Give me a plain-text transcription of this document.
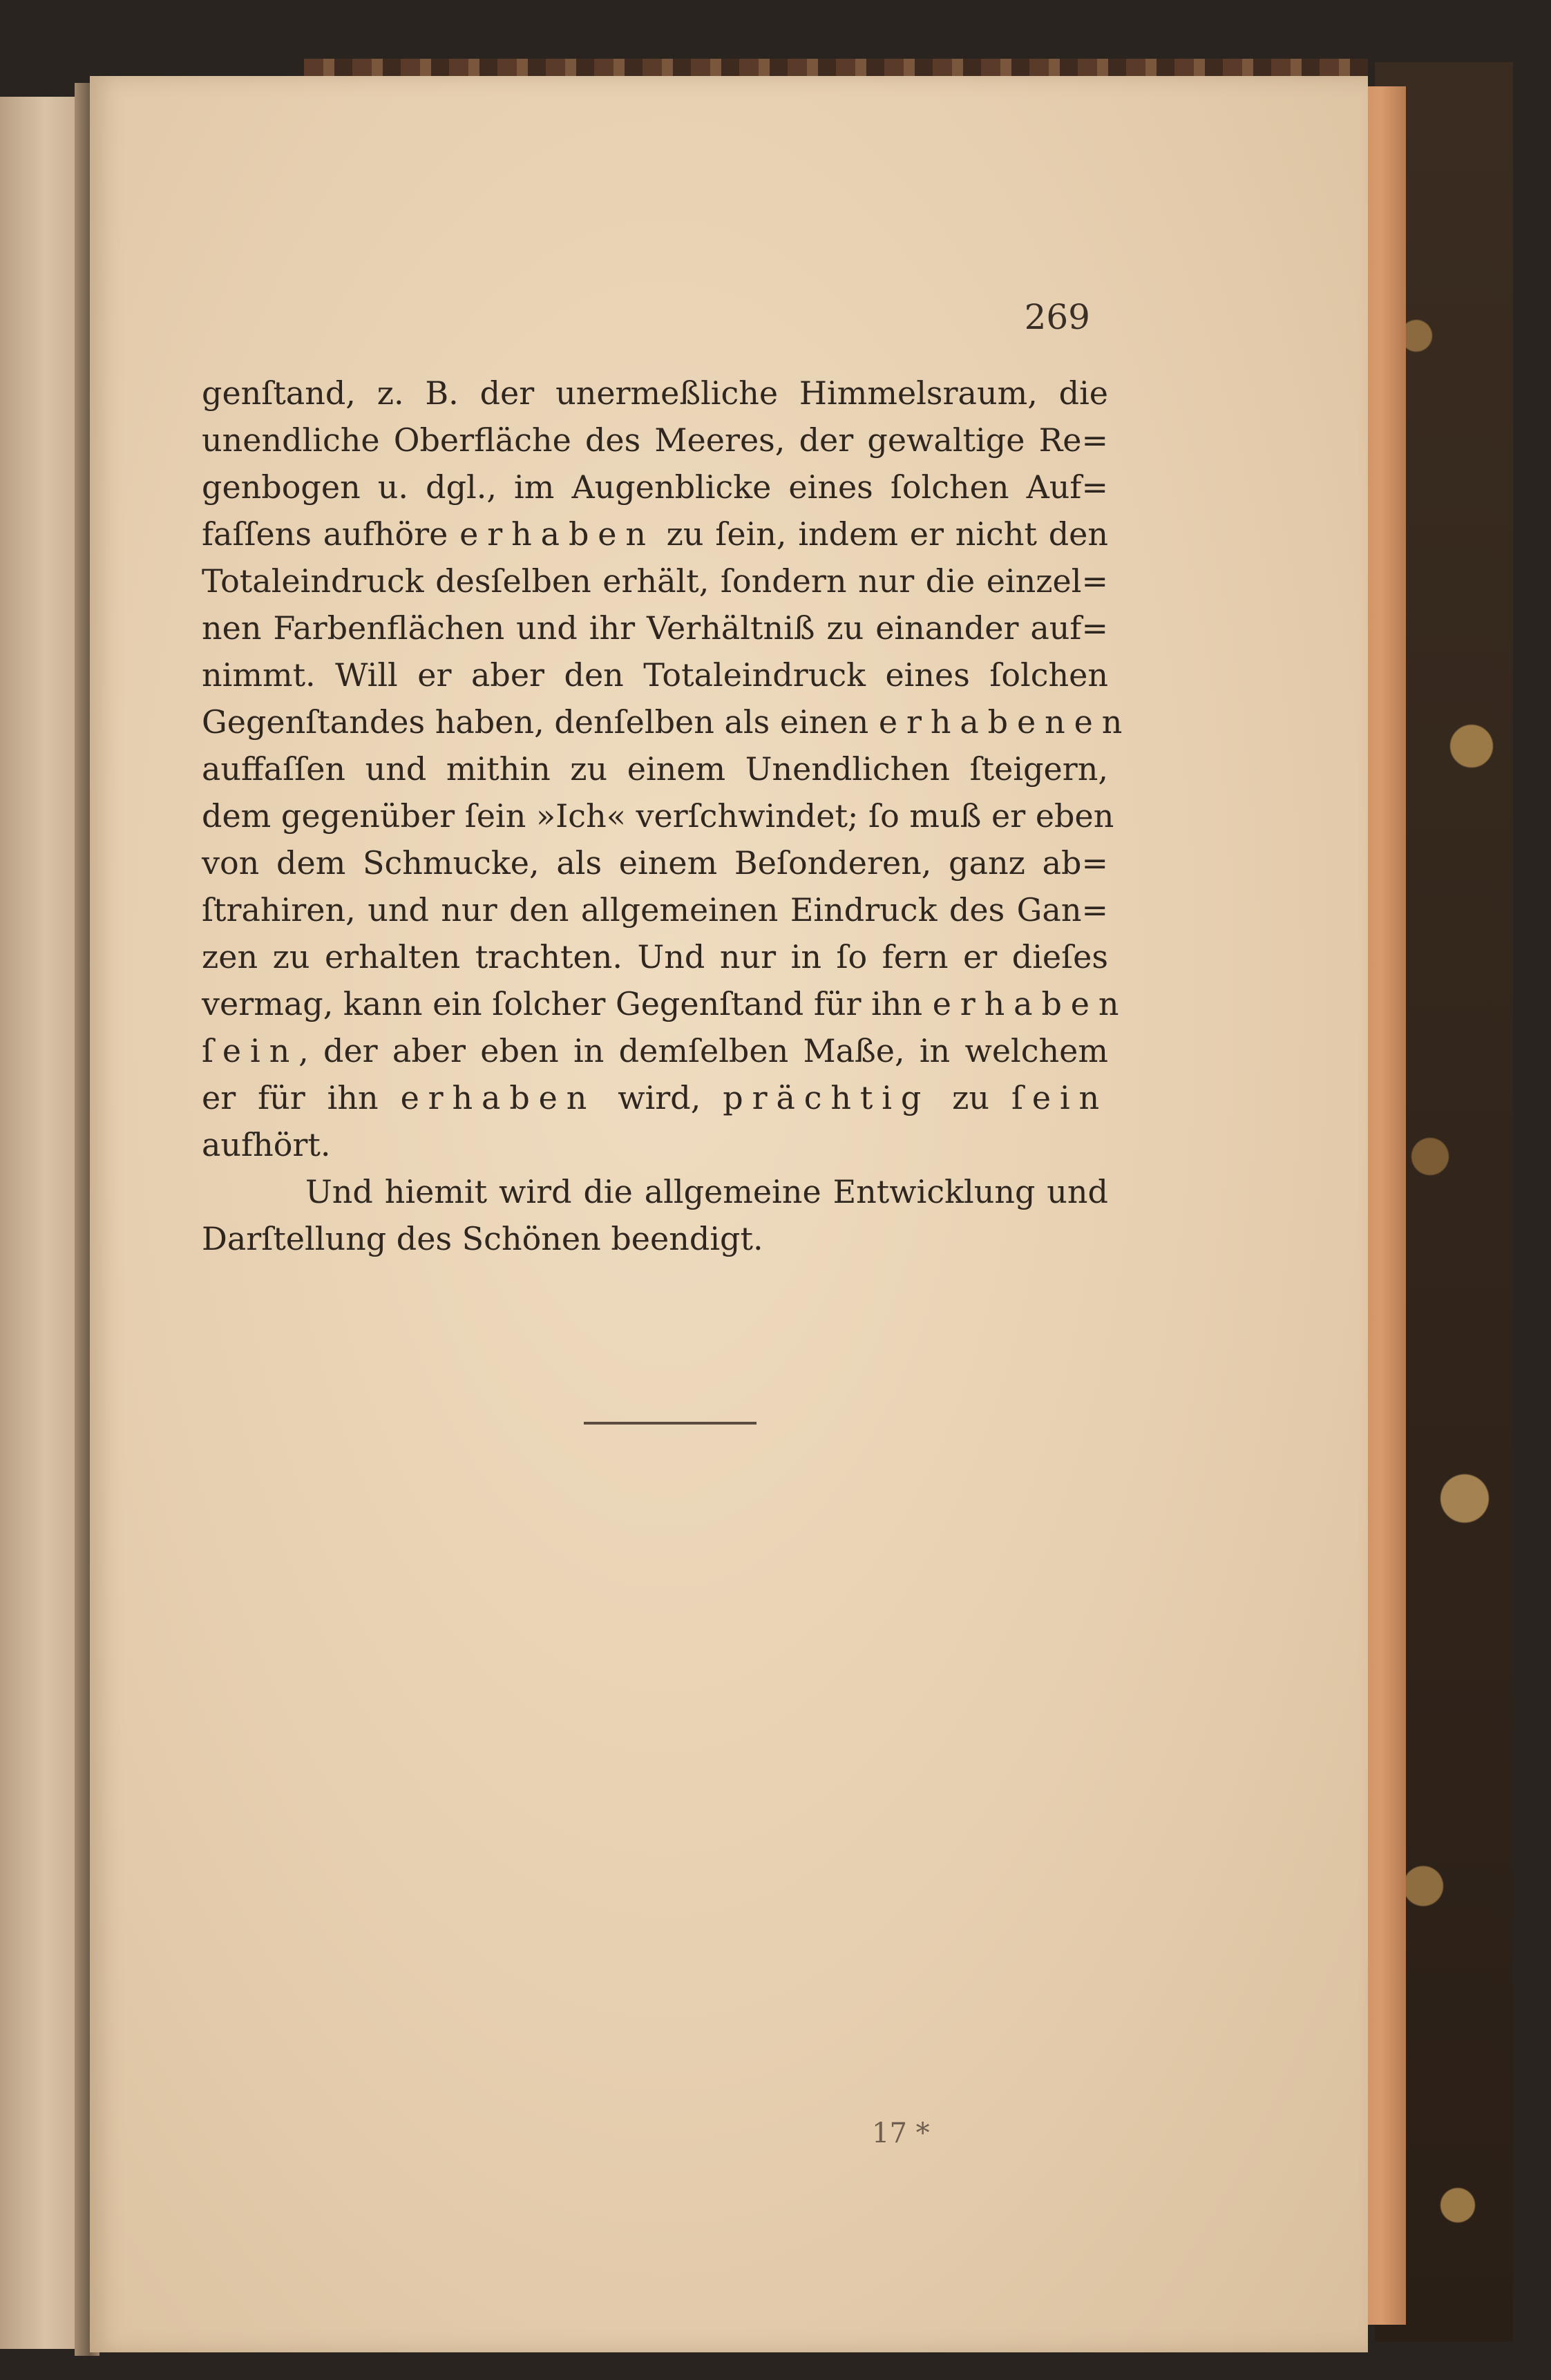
269
genſtand, z. B. der unermeßliche Himmelsraum, die
unendliche Oberfläche des Meeres, der gewaltige Re=
genbogen u. dgl., im Augenblicke eines ſolchen Auf=
faſſens aufhöre erhaben zu ſein, indem er nicht den
Totaleindruck desſelben erhält, ſondern nur die einzel=
nen Farbenflächen und ihr Verhältniß zu einander auf=
nimmt. Will er aber den Totaleindruck eines ſolchen
Gegenſtandes haben, denſelben als einen erhabenen
auffaſſen und mithin zu einem Unendlichen ſteigern,
dem gegenüber ſein »Ich« verſchwindet; ſo muß er eben
von dem Schmucke, als einem Beſonderen, ganz ab=
ſtrahiren, und nur den allgemeinen Eindruck des Gan=
zen zu erhalten trachten. Und nur in ſo fern er dieſes
vermag, kann ein ſolcher Gegenſtand für ihn erhaben
ſein, der aber eben in demſelben Maße, in welchem
er für ihn erhaben wird, prächtig zu ſein
aufhört.
Und hiemit wird die allgemeine Entwicklung und
Darſtellung des Schönen beendigt.
17 *
